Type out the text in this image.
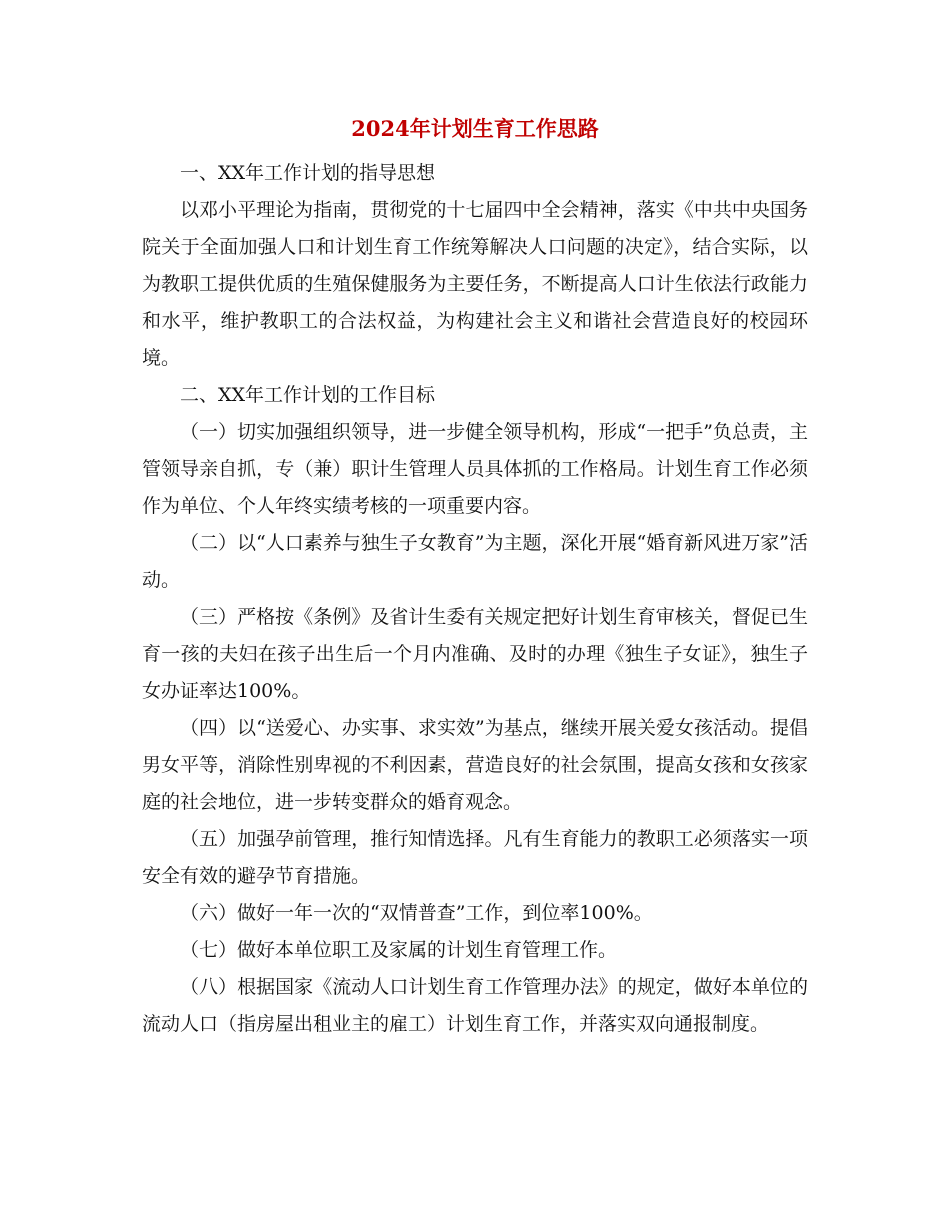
2024年计划生育工作思路

一、XX年工作计划的指导思想

以邓小平理论为指南，贯彻党的十七届四中全会精神，落实《中共中央国务院关于全面加强人口和计划生育工作统筹解决人口问题的决定》，结合实际，以为教职工提供优质的生殖保健服务为主要任务，不断提高人口计生依法行政能力和水平，维护教职工的合法权益，为构建社会主义和谐社会营造良好的校园环境。

二、XX年工作计划的工作目标

（一）切实加强组织领导，进一步健全领导机构，形成“一把手”负总责，主管领导亲自抓，专（兼）职计生管理人员具体抓的工作格局。计划生育工作必须作为单位、个人年终实绩考核的一项重要内容。

（二）以“人口素养与独生子女教育”为主题，深化开展“婚育新风进万家”活动。

（三）严格按《条例》及省计生委有关规定把好计划生育审核关，督促已生育一孩的夫妇在孩子出生后一个月内准确、及时的办理《独生子女证》，独生子女办证率达100%。

（四）以“送爱心、办实事、求实效”为基点，继续开展关爱女孩活动。提倡男女平等，消除性别卑视的不利因素，营造良好的社会氛围，提高女孩和女孩家庭的社会地位，进一步转变群众的婚育观念。

（五）加强孕前管理，推行知情选择。凡有生育能力的教职工必须落实一项安全有效的避孕节育措施。

（六）做好一年一次的“双情普查”工作，到位率100%。

（七）做好本单位职工及家属的计划生育管理工作。

（八）根据国家《流动人口计划生育工作管理办法》的规定，做好本单位的流动人口（指房屋出租业主的雇工）计划生育工作，并落实双向通报制度。
